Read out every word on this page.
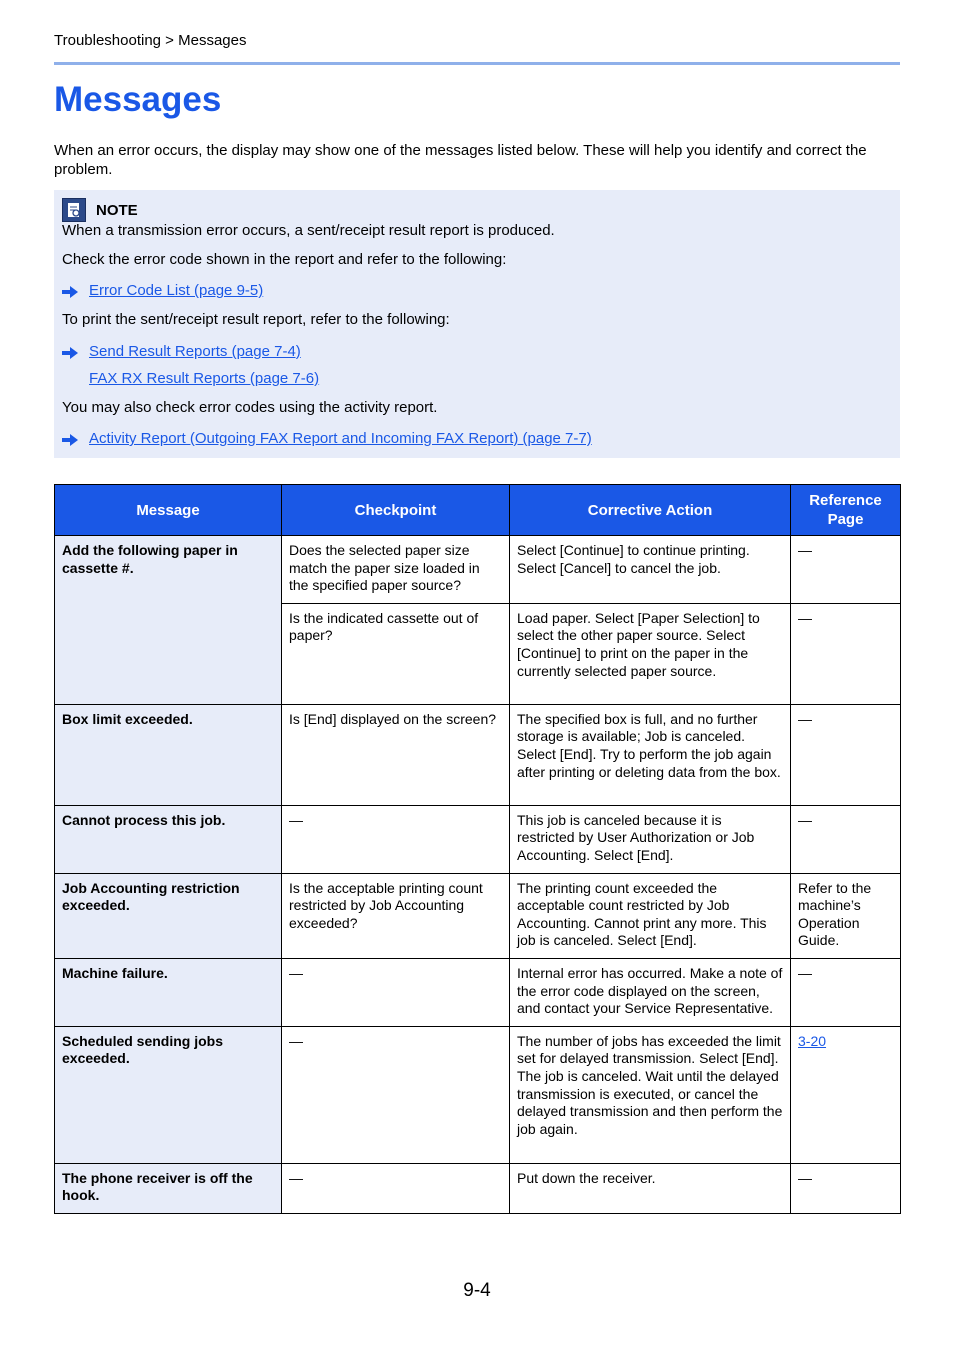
Troubleshooting > Messages
Messages

When an error occurs, the display may show one of the messages listed below. These will help you identify and correct the problem.

NOTE
When a transmission error occurs, a sent/receipt result report is produced.
Check the error code shown in the report and refer to the following:
Error Code List (page 9-5)
To print the sent/receipt result report, refer to the following:
Send Result Reports (page 7-4)
FAX RX Result Reports (page 7-6)
You may also check error codes using the activity report.
Activity Report (Outgoing FAX Report and Incoming FAX Report) (page 7-7)
Message	Checkpoint	Corrective Action	Reference Page
Add the following paper in cassette #.	Does the selected paper size match the paper size loaded in the specified paper source?	Select [Continue] to continue printing. Select [Cancel] to cancel the job.	—
	Is the indicated cassette out of paper?	Load paper. Select [Paper Selection] to select the other paper source. Select [Continue] to print on the paper in the currently selected paper source.	—
Box limit exceeded.	Is [End] displayed on the screen?	The specified box is full, and no further storage is available; Job is canceled. Select [End]. Try to perform the job again after printing or deleting data from the box.	—
Cannot process this job.	—	This job is canceled because it is restricted by User Authorization or Job Accounting. Select [End].	—
Job Accounting restriction exceeded.	Is the acceptable printing count restricted by Job Accounting exceeded?	The printing count exceeded the acceptable count restricted by Job Accounting. Cannot print any more. This job is canceled. Select [End].	Refer to the machine’s Operation Guide.
Machine failure.	—	Internal error has occurred. Make a note of the error code displayed on the screen, and contact your Service Representative.	—
Scheduled sending jobs exceeded.	—	The number of jobs has exceeded the limit set for delayed transmission. Select [End]. The job is canceled. Wait until the delayed transmission is executed, or cancel the delayed transmission and then perform the job again.	3-20
The phone receiver is off the hook.	—	Put down the receiver.	—
9-4
